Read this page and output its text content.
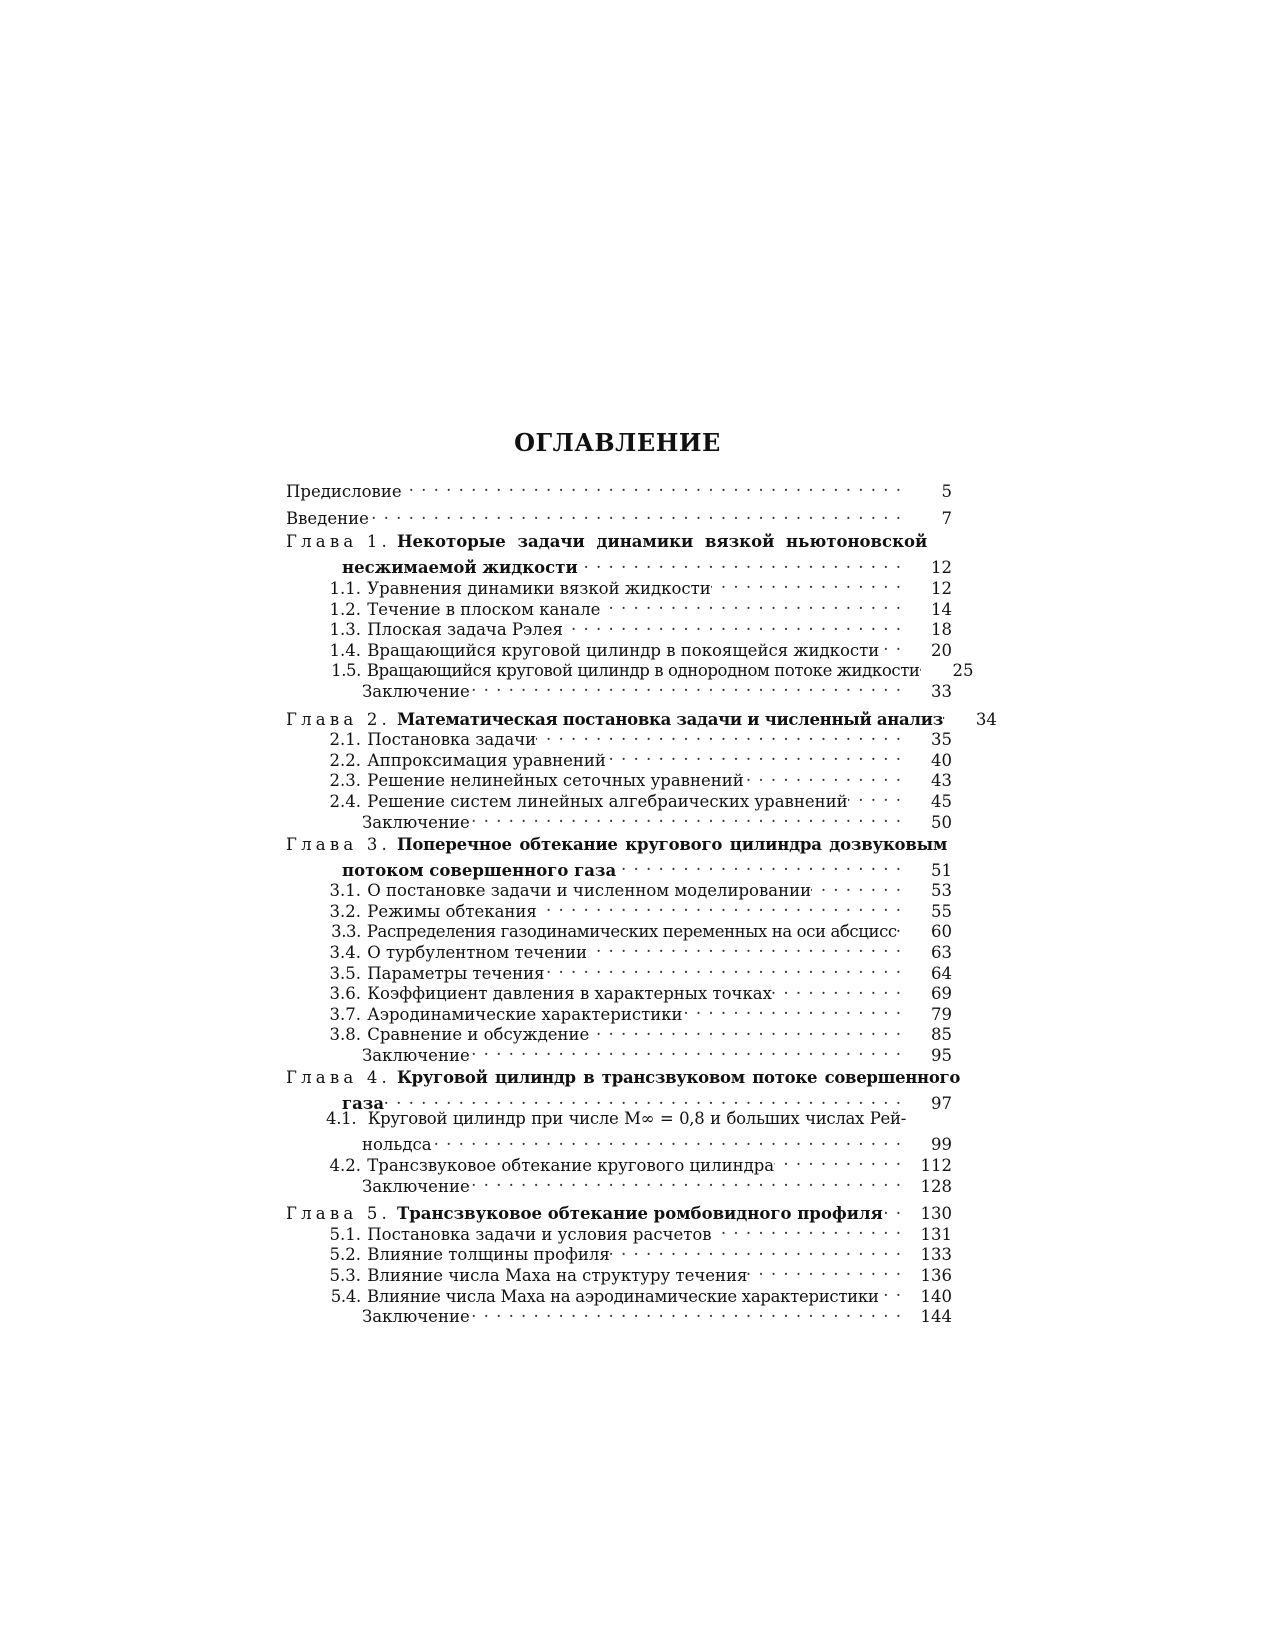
ОГЛАВЛЕНИЕ
Предисловие . . .	5
Введение . . .	7
Глава 1. Некоторые задачи динамики вязкой ньютоновской
несжимаемой жидкости . . .	12
1.1. Уравнения динамики вязкой жидкости . . .	12
1.2. Течение в плоском канале . . .	14
1.3. Плоская задача Рэлея . . .	18
1.4. Вращающийся круговой цилиндр в покоящейся жидкости . . .	20
1.5. Вращающийся круговой цилиндр в однородном потоке жидкости . . .	25
Заключение . . .	33
Глава 2. Математическая постановка задачи и численный анализ . . .	34
2.1. Постановка задачи . . .	35
2.2. Аппроксимация уравнений . . .	40
2.3. Решение нелинейных сеточных уравнений . . .	43
2.4. Решение систем линейных алгебраических уравнений . . .	45
Заключение . . .	50
Глава 3. Поперечное обтекание кругового цилиндра дозвуковым
потоком совершенного газа . . .	51
3.1. О постановке задачи и численном моделировании . . .	53
3.2. Режимы обтекания . . .	55
3.3. Распределения газодинамических переменных на оси абсцисс . . .	60
3.4. О турбулентном течении . . .	63
3.5. Параметры течения . . .	64
3.6. Коэффициент давления в характерных точках . . .	69
3.7. Аэродинамические характеристики . . .	79
3.8. Сравнение и обсуждение . . .	85
Заключение . . .	95
Глава 4. Круговой цилиндр в трансзвуковом потоке совершенного
газа . . .	97
4.1. Круговой цилиндр при числе M∞ = 0,8 и больших числах Рей-
нольдса . . .	99
4.2. Трансзвуковое обтекание кругового цилиндра . . .	112
Заключение . . .	128
Глава 5. Трансзвуковое обтекание ромбовидного профиля . . .	130
5.1. Постановка задачи и условия расчетов . . .	131
5.2. Влияние толщины профиля . . .	133
5.3. Влияние числа Маха на структуру течения . . .	136
5.4. Влияние числа Маха на аэродинамические характеристики . . .	140
Заключение . . .	144
